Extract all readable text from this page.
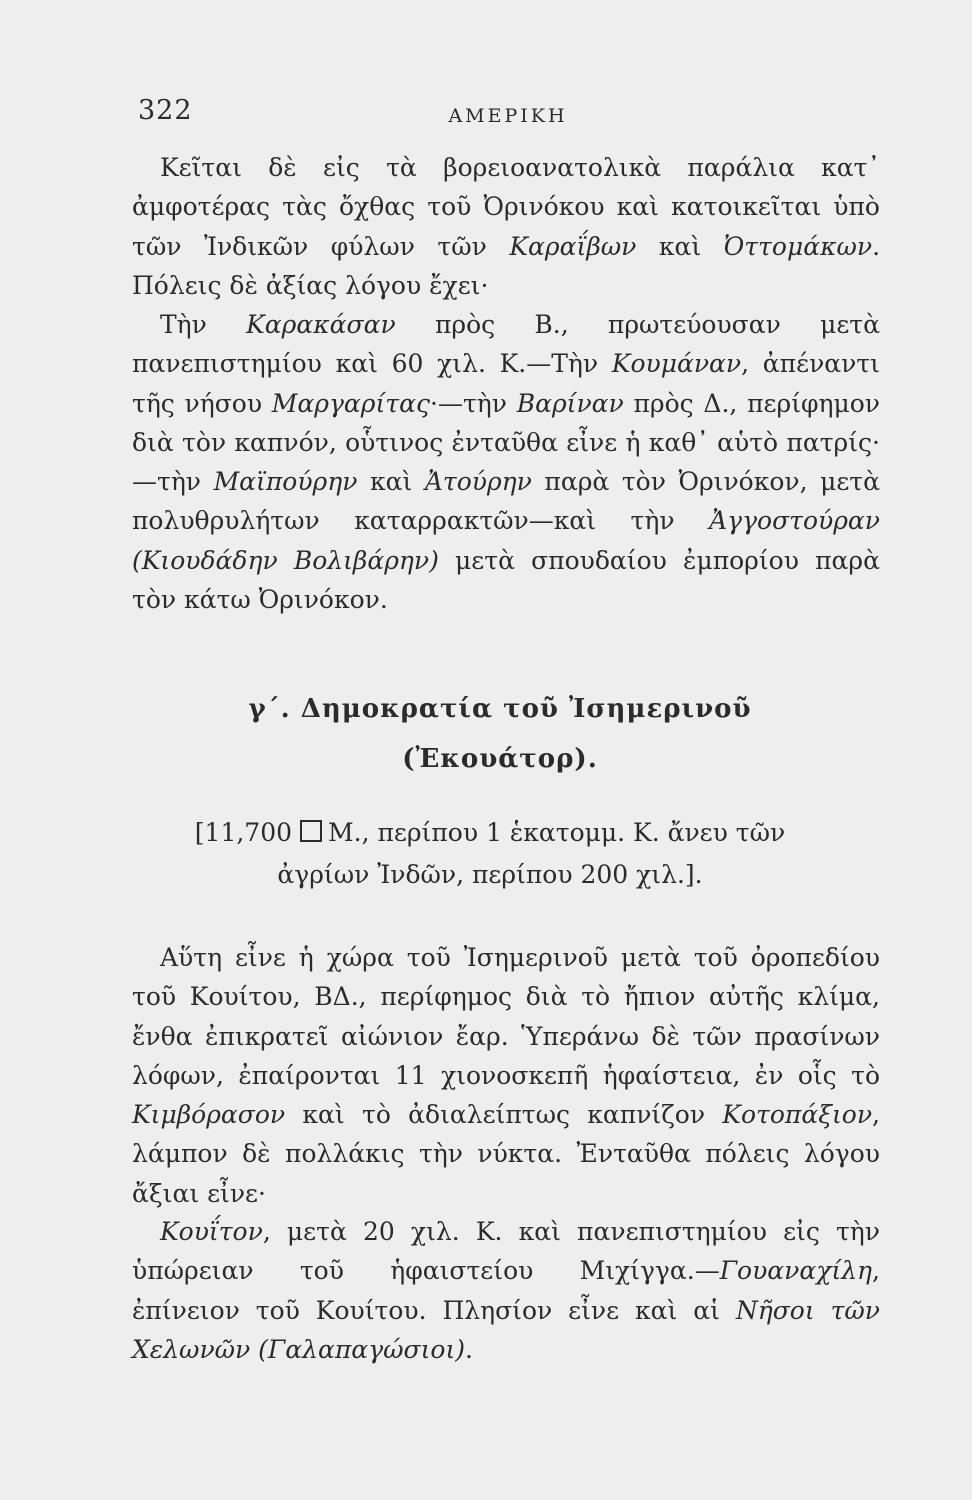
322	ΑΜΕΡΙΚΗ

Κεῖται δὲ εἰς τὰ βορειοανατολικὰ παράλια κατ᾽ ἀμφοτέρας τὰς ὄχθας τοῦ Ὀρινόκου καὶ κατοικεῖται ὑπὸ τῶν Ἰνδικῶν φύλων τῶν Καραΐβων καὶ Ὀττομάκων. Πόλεις δὲ ἀξίας λόγου ἔχει·

Τὴν Καρακάσαν πρὸς Β., πρωτεύουσαν μετὰ πανεπιστημίου καὶ 60 χιλ. Κ.—Τὴν Κουμάναν, ἀπέναντι τῆς νήσου Μαργαρίτας·—τὴν Βαρίναν πρὸς Δ., περίφημον διὰ τὸν καπνόν, οὗτινος ἐνταῦθα εἶνε ἡ καθ᾽ αὑτὸ πατρίς·—τὴν Μαϊπούρην καὶ Ἀτούρην παρὰ τὸν Ὀρινόκον, μετὰ πολυθρυλήτων καταρρακτῶν—καὶ τὴν Ἀγγοστούραν (Κιουδάδην Βολιβάρην) μετὰ σπουδαίου ἐμπορίου παρὰ τὸν κάτω Ὀρινόκον.

γ΄. Δημοκρατία τοῦ Ἰσημερινοῦ
(Ἐκουάτορ).
[11,700 Μ., περίπου 1 ἑκατομμ. Κ. ἄνευ τῶν
ἀγρίων Ἰνδῶν, περίπου 200 χιλ.].

Αὕτη εἶνε ἡ χώρα τοῦ Ἰσημερινοῦ μετὰ τοῦ ὀροπεδίου τοῦ Κουίτου, ΒΔ., περίφημος διὰ τὸ ἤπιον αὐτῆς κλίμα, ἔνθα ἐπικρατεῖ αἰώνιον ἔαρ. Ὑπεράνω δὲ τῶν πρασίνων λόφων, ἐπαίρονται 11 χιονοσκεπῆ ἡφαίστεια, ἐν οἷς τὸ Κιμβόρασον καὶ τὸ ἀδιαλείπτως καπνίζον Κοτοπάξιον, λάμπον δὲ πολλάκις τὴν νύκτα. Ἐνταῦθα πόλεις λόγου ἄξιαι εἶνε·

Κουΐτον, μετὰ 20 χιλ. Κ. καὶ πανεπιστημίου εἰς τὴν ὑπώρειαν τοῦ ἡφαιστείου Μιχίγγα.—Γουαναχίλη, ἐπίνειον τοῦ Κουίτου. Πλησίον εἶνε καὶ αἱ Νῆσοι τῶν Χελωνῶν (Γαλαπαγώσιοι).
